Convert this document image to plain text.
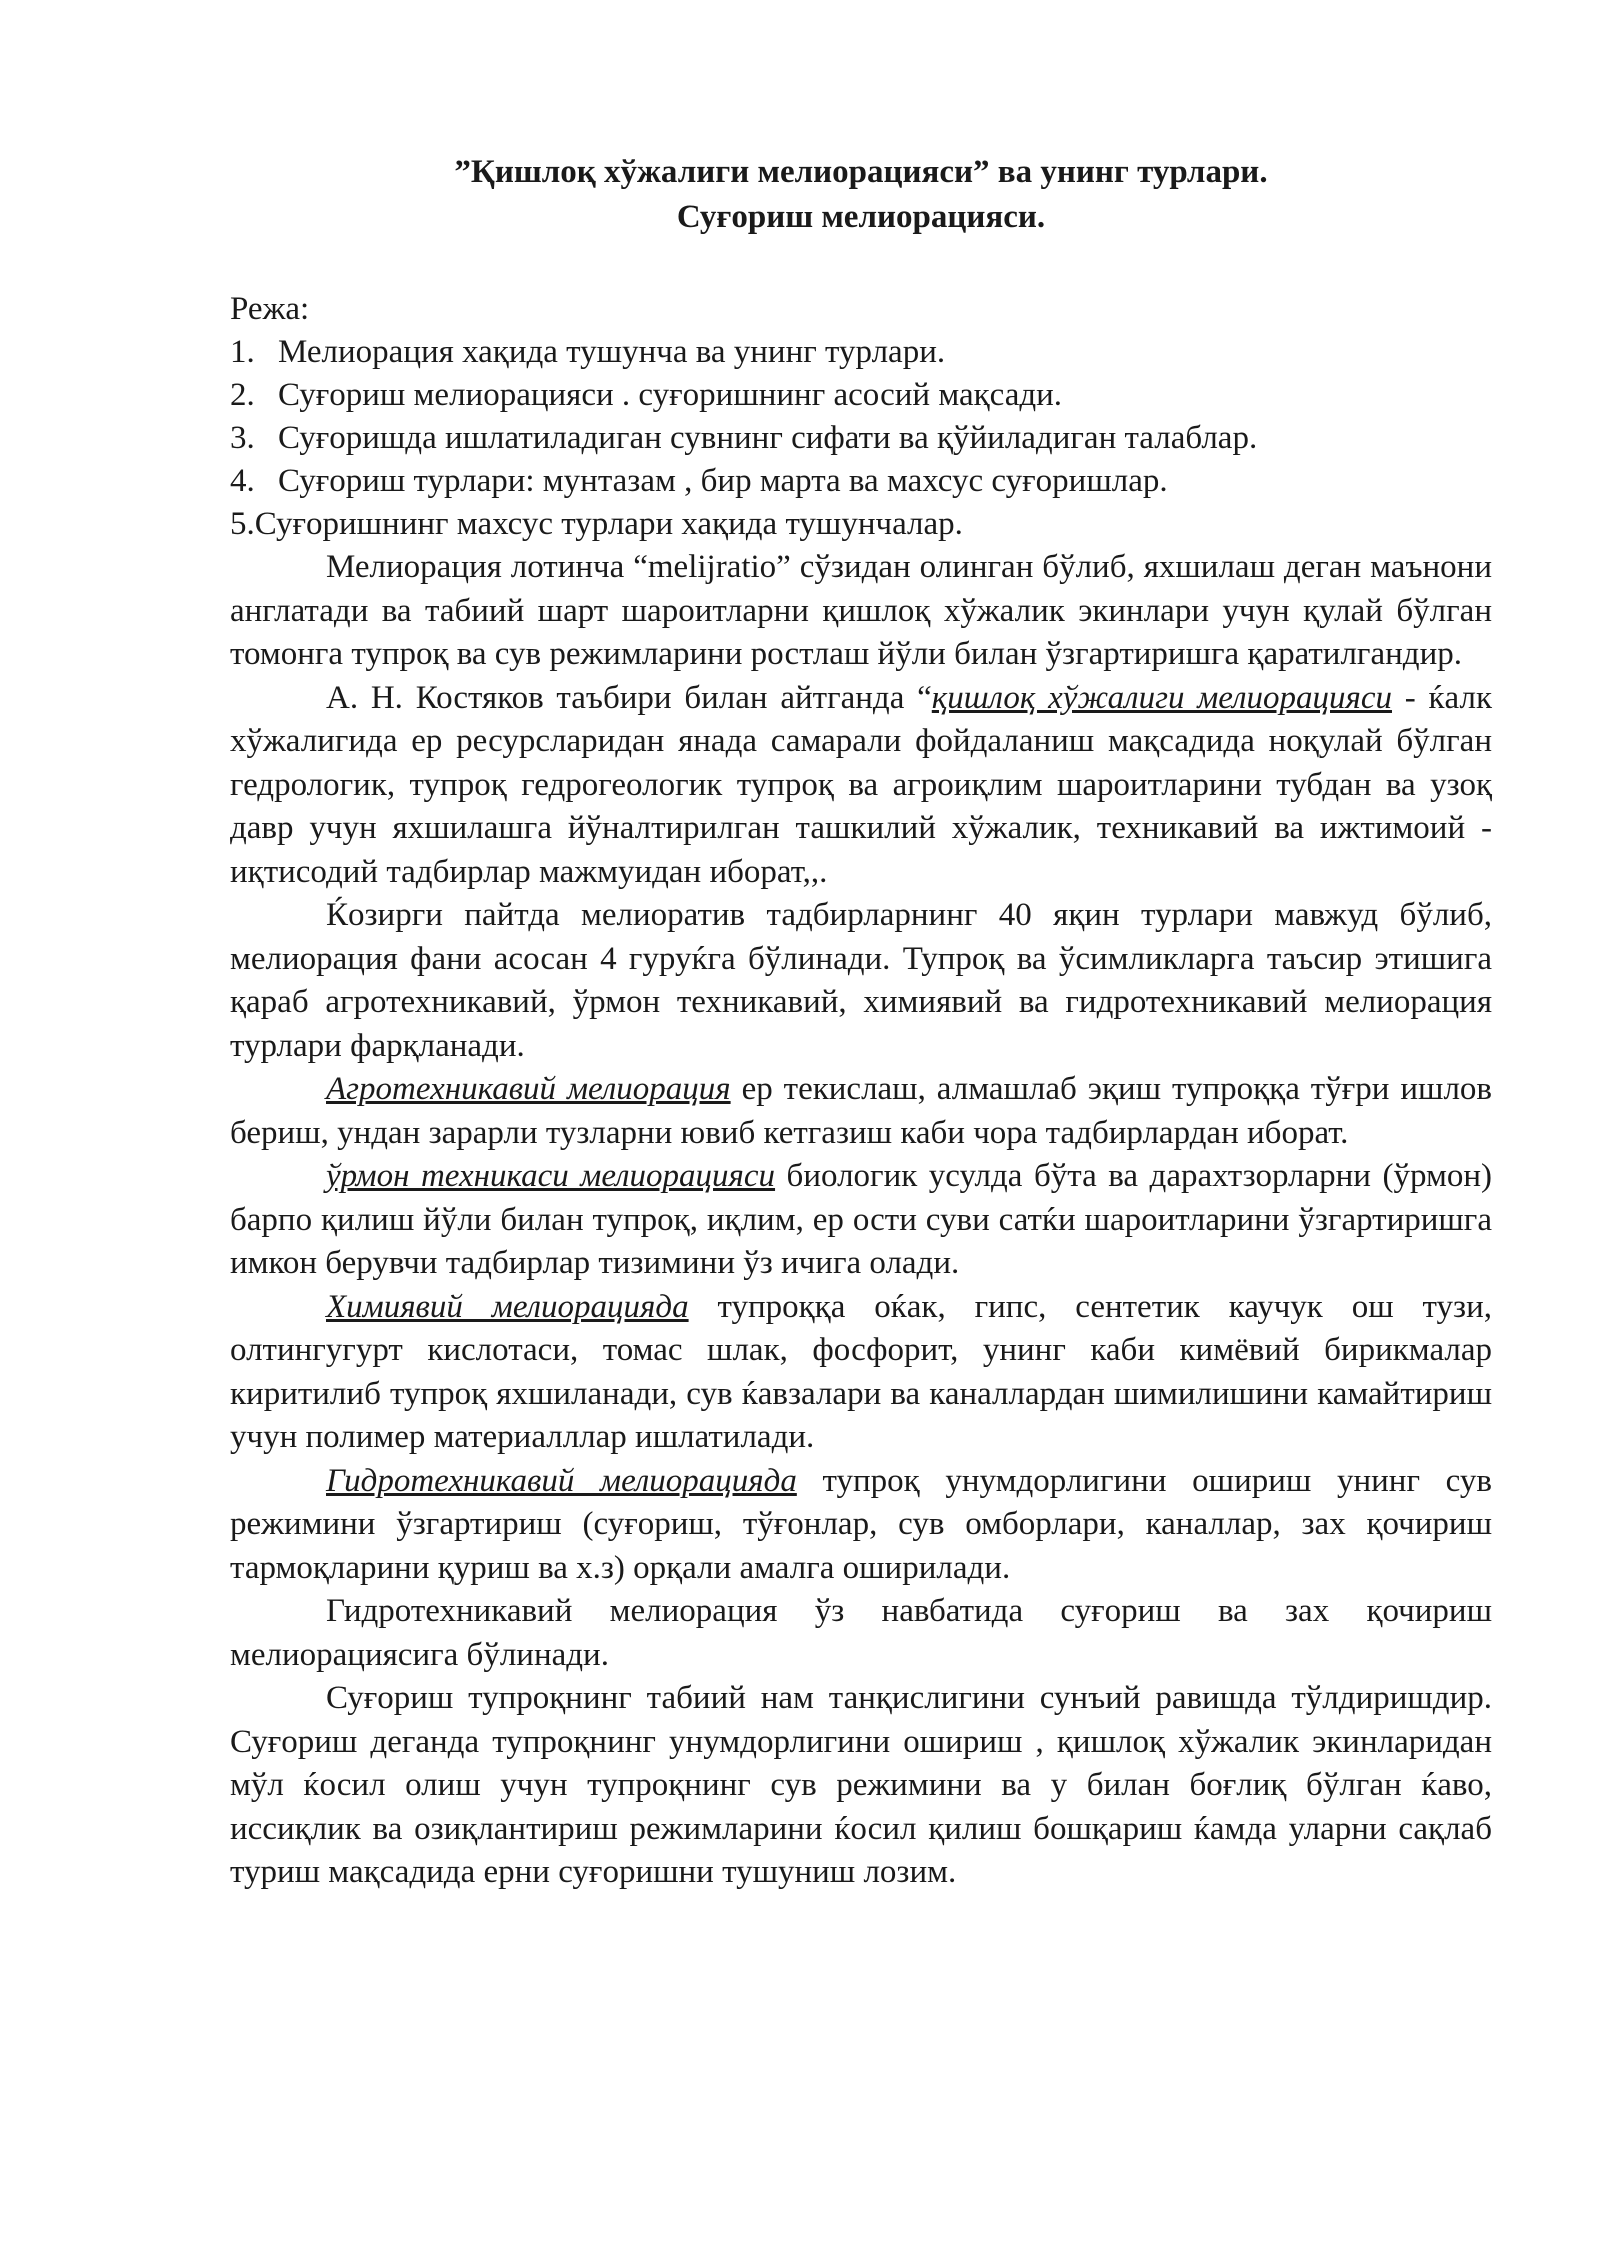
”Қишлоқ хўжалиги мелиорацияси” ва унинг турлари.
Суғориш мелиорацияси.
Режа:
1. Мелиорация хақида тушунча ва унинг турлари.
2. Суғориш мелиорацияси . суғоришнинг асосий мақсади.
3. Суғоришда ишлатиладиган сувнинг сифати ва қўйиладиган талаблар.
4. Суғориш турлари: мунтазам , бир марта ва махсус суғоришлар.
5. Суғоришнинг махсус турлари хақида тушунчалар.

Мелиорация лотинча “melijratio” сўзидан олинган бўлиб, яхшилаш деган маънони англатади ва табиий шарт шароитларни қишлоқ хўжалик экинлари учун қулай бўлган томонга тупроқ ва сув режимларини ростлаш йўли билан ўзгартиришга қаратилгандир.

А. Н. Костяков таъбири билан айтганда “қишлоқ хўжалиги мелиорацияси - ќалк хўжалигида ер ресурсларидан янада самарали фойдаланиш мақсадида ноқулай бўлган гедрологик, тупроқ гедрогеологик тупроқ ва агроиқлим шароитларини тубдан ва узоқ давр учун яхшилашга йўналтирилган ташкилий хўжалик, техникавий ва ижтимоий - иқтисодий тадбирлар мажмуидан иборат,,.

Ќозирги пайтда мелиоратив тадбирларнинг 40 яқин турлари мавжуд бўлиб, мелиорация фани асосан 4 гуруќга бўлинади. Тупроқ ва ўсимликларга таъсир этишига қараб агротехникавий, ўрмон техникавий, химиявий ва гидротехникавий мелиорация турлари фарқланади.

Агротехникавий мелиорация ер текислаш, алмашлаб эқиш тупроққа тўғри ишлов бериш, ундан зарарли тузларни ювиб кетгазиш каби чора тадбирлардан иборат.

ўрмон техникаси мелиорацияси биологик усулда бўта ва дарахтзорларни (ўрмон) барпо қилиш йўли билан тупроқ, иқлим, ер ости суви сатќи шароитларини ўзгартиришга имкон берувчи тадбирлар тизимини ўз ичига олади.

Химиявий мелиорацияда тупроққа оќак, гипс, сентетик каучук ош тузи, олтингугурт кислотаси, томас шлак, фосфорит, унинг каби кимёвий бирикмалар киритилиб тупроқ яхшиланади, сув ќавзалари ва каналлардан шимилишини камайтириш учун полимер материалллар ишлатилади.

Гидротехникавий мелиорацияда тупроқ унумдорлигини ошириш унинг сув режимини ўзгартириш (суғориш, тўғонлар, сув омборлари, каналлар, зах қочириш тармоқларини қуриш ва х.з) орқали амалга оширилади.

Гидротехникавий мелиорация ўз навбатида суғориш ва зах қочириш мелиорациясига бўлинади.

Суғориш тупроқнинг табиий нам танқислигини сунъий равишда тўлдиришдир. Суғориш деганда тупроқнинг унумдорлигини ошириш , қишлоқ хўжалик экинларидан мўл ќосил олиш учун тупроқнинг сув режимини ва у билан боғлиқ бўлган ќаво, иссиқлик ва озиқлантириш режимларини ќосил қилиш бошқариш ќамда уларни сақлаб туриш мақсадида ерни суғоришни тушуниш лозим.
